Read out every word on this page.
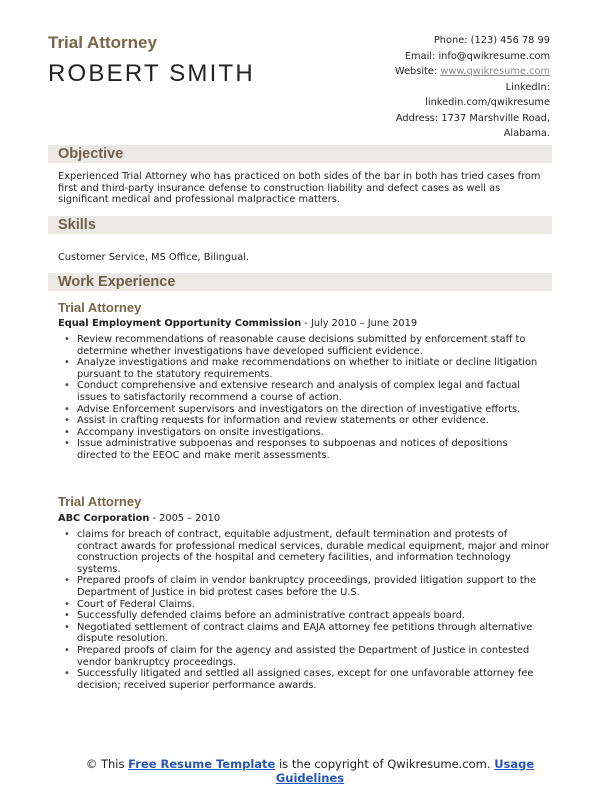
Trial Attorney
ROBERT SMITH
Phone: (123) 456 78 99
Email: info@qwikresume.com
Website: www.qwikresume.com
LinkedIn:
linkedin.com/qwikresume
Address: 1737 Marshville Road,
Alabama.
Objective
Experienced Trial Attorney who has practiced on both sides of the bar in both has tried cases from first and third-party insurance defense to construction liability and defect cases as well as significant medical and professional malpractice matters.
Skills
Customer Service, MS Office, Bilingual.
Work Experience
Trial Attorney
Equal Employment Opportunity Commission - July 2010 – June 2019
• Review recommendations of reasonable cause decisions submitted by enforcement staff to determine whether investigations have developed sufficient evidence.
• Analyze investigations and make recommendations on whether to initiate or decline litigation pursuant to the statutory requirements.
• Conduct comprehensive and extensive research and analysis of complex legal and factual issues to satisfactorily recommend a course of action.
• Advise Enforcement supervisors and investigators on the direction of investigative efforts.
• Assist in crafting requests for information and review statements or other evidence.
• Accompany investigators on onsite investigations.
• Issue administrative subpoenas and responses to subpoenas and notices of depositions directed to the EEOC and make merit assessments.
Trial Attorney
ABC Corporation - 2005 – 2010
• claims for breach of contract, equitable adjustment, default termination and protests of contract awards for professional medical services, durable medical equipment, major and minor construction projects of the hospital and cemetery facilities, and information technology systems.
• Prepared proofs of claim in vendor bankruptcy proceedings, provided litigation support to the Department of Justice in bid protest cases before the U.S.
• Court of Federal Claims.
• Successfully defended claims before an administrative contract appeals board.
• Negotiated settlement of contract claims and EAJA attorney fee petitions through alternative dispute resolution.
• Prepared proofs of claim for the agency and assisted the Department of Justice in contested vendor bankruptcy proceedings.
• Successfully litigated and settled all assigned cases, except for one unfavorable attorney fee decision; received superior performance awards.
© This Free Resume Template is the copyright of Qwikresume.com. Usage Guidelines
